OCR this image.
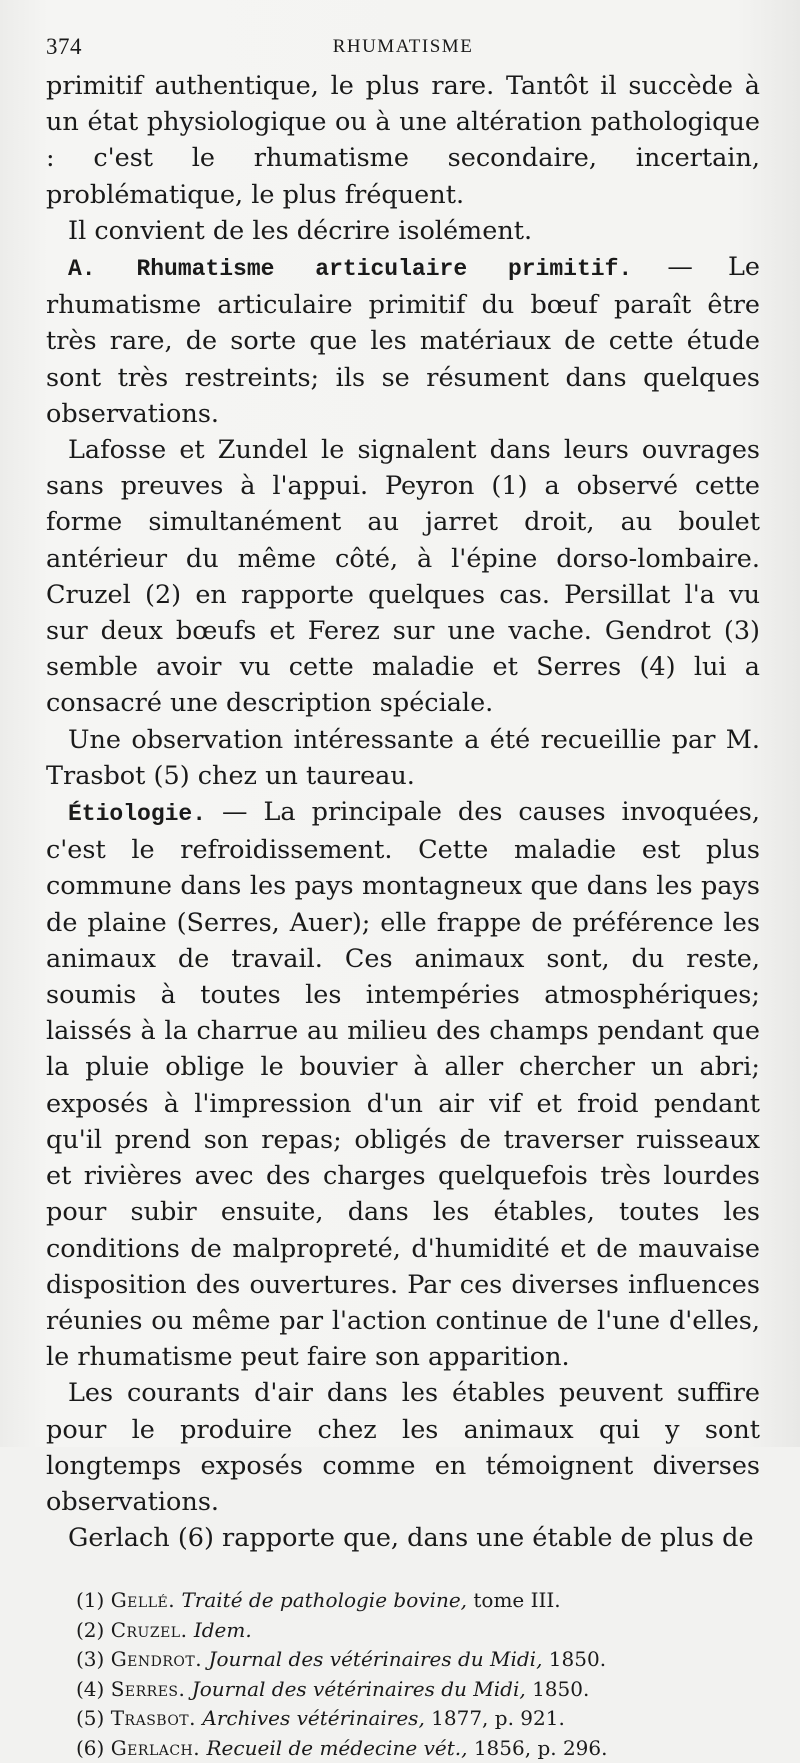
374	RHUMATISME

primitif authentique, le plus rare. Tantôt il succède à un état physiologique ou à une altération pathologique : c'est le rhumatisme secondaire, incertain, problématique, le plus fréquent.

Il convient de les décrire isolément.

A. Rhumatisme articulaire primitif. — Le rhumatisme articulaire primitif du bœuf paraît être très rare, de sorte que les matériaux de cette étude sont très restreints; ils se résument dans quelques observations.

Lafosse et Zundel le signalent dans leurs ouvrages sans preuves à l'appui. Peyron (1) a observé cette forme simultanément au jarret droit, au boulet antérieur du même côté, à l'épine dorso-lombaire. Cruzel (2) en rapporte quelques cas. Persillat l'a vu sur deux bœufs et Ferez sur une vache. Gendrot (3) semble avoir vu cette maladie et Serres (4) lui a consacré une description spéciale.

Une observation intéressante a été recueillie par M. Trasbot (5) chez un taureau.

Étiologie. — La principale des causes invoquées, c'est le refroidissement. Cette maladie est plus commune dans les pays montagneux que dans les pays de plaine (Serres, Auer); elle frappe de préférence les animaux de travail. Ces animaux sont, du reste, soumis à toutes les intempéries atmosphériques; laissés à la charrue au milieu des champs pendant que la pluie oblige le bouvier à aller chercher un abri; exposés à l'impression d'un air vif et froid pendant qu'il prend son repas; obligés de traverser ruisseaux et rivières avec des charges quelquefois très lourdes pour subir ensuite, dans les étables, toutes les conditions de malpropreté, d'humidité et de mauvaise disposition des ouvertures. Par ces diverses influences réunies ou même par l'action continue de l'une d'elles, le rhumatisme peut faire son apparition.

Les courants d'air dans les étables peuvent suffire pour le produire chez les animaux qui y sont longtemps exposés comme en témoignent diverses observations.

Gerlach (6) rapporte que, dans une étable de plus de

(1) Gellé. Traité de pathologie bovine, tome III.
(2) Cruzel. Idem.
(3) Gendrot. Journal des vétérinaires du Midi, 1850.
(4) Serres. Journal des vétérinaires du Midi, 1850.
(5) Trasbot. Archives vétérinaires, 1877, p. 921.
(6) Gerlach. Recueil de médecine vét., 1856, p. 296.
